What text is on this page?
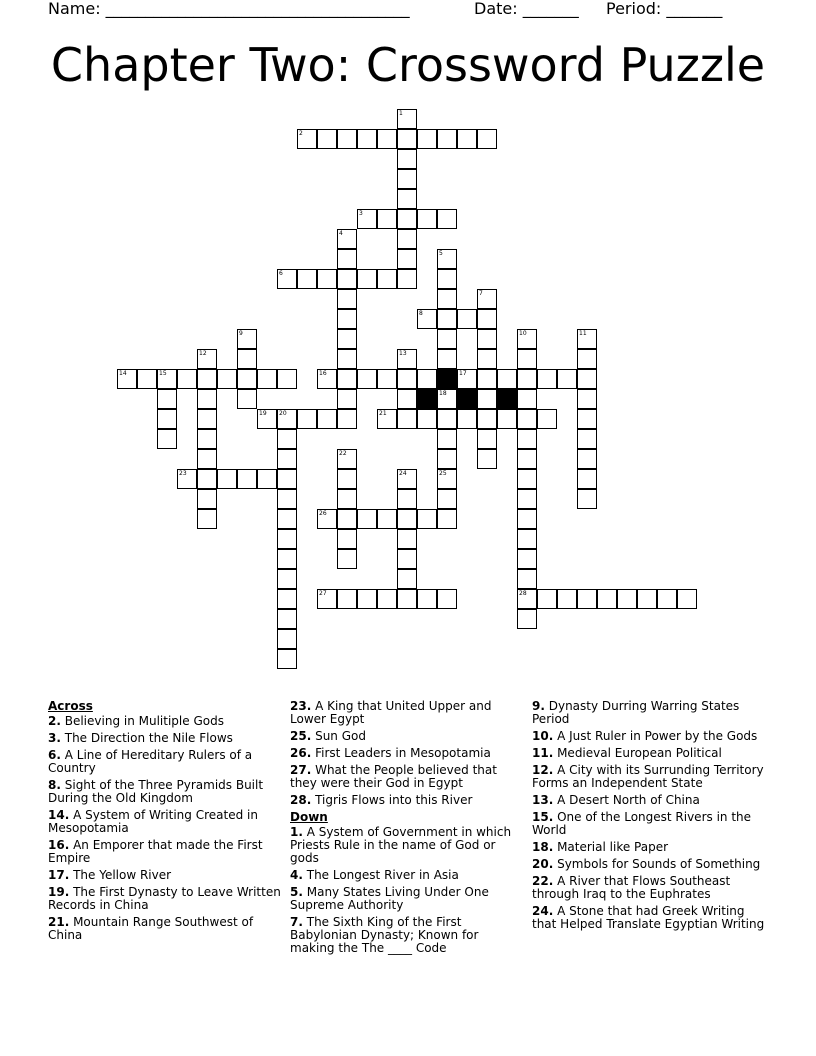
Name: ______________________________________	Date: _______ Period: _______
Chapter Two: Crossword Puzzle
1
2
3
4
5
6
7
8
9	10	11
12	13
14	15	16	17
18
19 20	21
22
23	24	25
26
27	28
Across
2. Believing in Mulitiple Gods
3. The Direction the Nile Flows
6. A Line of Hereditary Rulers of a Country
8. Sight of the Three Pyramids Built During the Old Kingdom
14. A System of Writing Created in Mesopotamia
16. An Emporer that made the First Empire
17. The Yellow River
19. The First Dynasty to Leave Written Records in China
21. Mountain Range Southwest of China
23. A King that United Upper and Lower Egypt
25. Sun God
26. First Leaders in Mesopotamia
27. What the People believed that they were their God in Egypt
28. Tigris Flows into this River
Down
1. A System of Government in which Priests Rule in the name of God or gods
4. The Longest River in Asia
5. Many States Living Under One Supreme Authority
7. The Sixth King of the First Babylonian Dynasty; Known for making the The ____ Code
9. Dynasty Durring Warring States Period
10. A Just Ruler in Power by the Gods
11. Medieval European Political
12. A City with its Surrunding Territory Forms an Independent State
13. A Desert North of China
15. One of the Longest Rivers in the World
18. Material like Paper
20. Symbols for Sounds of Something
22. A River that Flows Southeast through Iraq to the Euphrates
24. A Stone that had Greek Writing that Helped Translate Egyptian Writing
